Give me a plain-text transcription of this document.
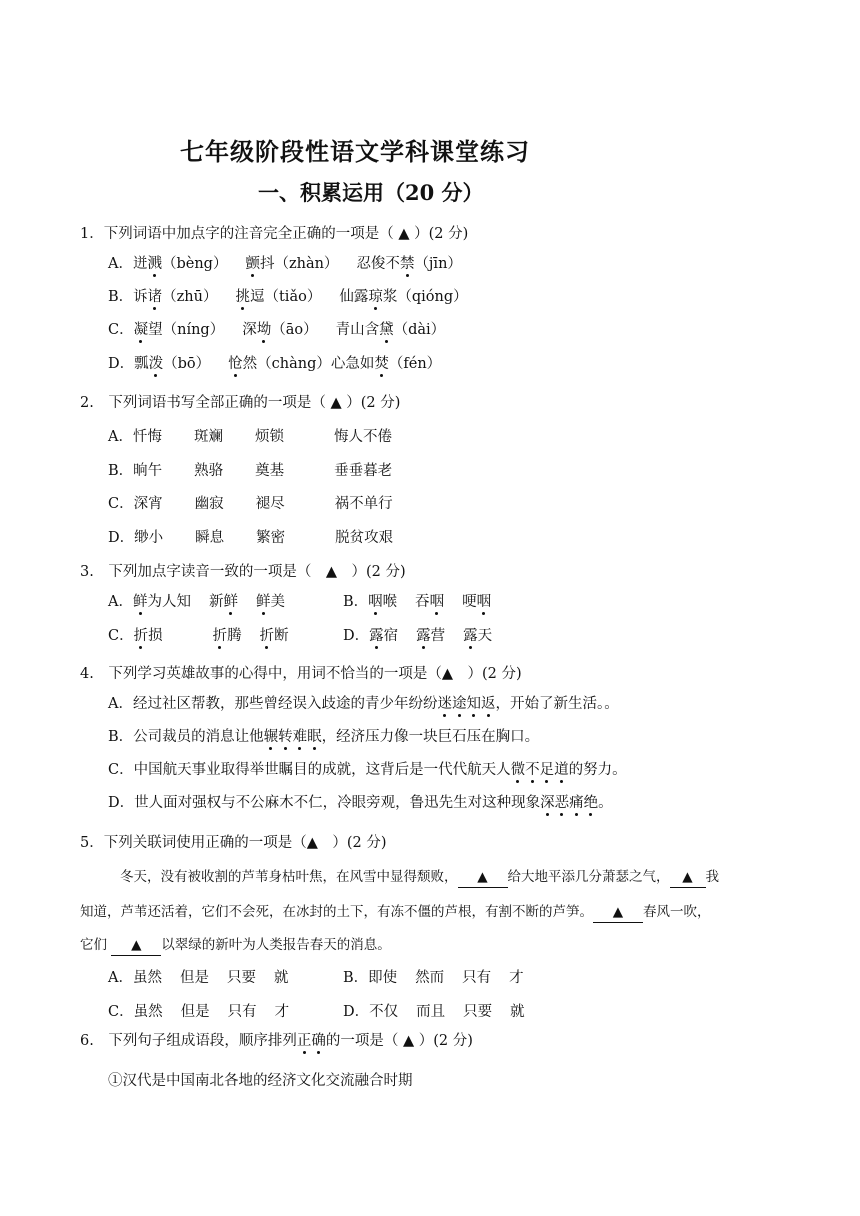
七年级阶段性语文学科课堂练习
一、积累运用（20 分）
1．下列词语中加点字的注音完全正确的一项是（ ▲ ）(2 分)
A．迸溅（bèng） 颤抖（zhàn） 忍俊不禁（jīn）
B．诉诸（zhū） 挑逗（tiǎo） 仙露琼浆（qióng）
C．凝望（níng） 深坳（āo） 青山含黛（dài）
D．瓢泼（bō） 怆然（chàng）心急如焚（fén）
2.　下列词语书写全部正确的一项是（ ▲ ）(2 分)
A．忏悔 斑斓 烦锁	悔人不倦
B．晌午 熟骆 奠基	垂垂暮老
C．深宵 幽寂 褪尽	祸不单行
D．缈小 瞬息 繁密	脱贫攻艰
3.　下列加点字读音一致的一项是（　▲　）(2 分)
A．鲜为人知 新鲜 鲜美	B．咽喉 吞咽 哽咽
C．折损	折腾 折断	D．露宿 露营 露天
4.　下列学习英雄故事的心得中，用词不恰当的一项是（▲　）(2 分)
A．经过社区帮教，那些曾经误入歧途的青少年纷纷迷途知返，开始了新生活。。
B．公司裁员的消息让他辗转难眠，经济压力像一块巨石压在胸口。
C．中国航天事业取得举世瞩目的成就，这背后是一代代航天人微不足道的努力。
D．世人面对强权与不公麻木不仁，冷眼旁观，鲁迅先生对这种现象深恶痛绝。
5．下列关联词使用正确的一项是（▲　）(2 分)
冬天，没有被收割的芦苇身枯叶焦，在风雪中显得颓败， ▲ 给大地平添几分萧瑟之气， ▲ 我
知道，芦苇还活着，它们不会死，在冰封的土下，有冻不僵的芦根，有割不断的芦笋。 ▲ 春风一吹，
它们 ▲ 以翠绿的新叶为人类报告春天的消息。
A．虽然 但是 只要 就	B．即使 然而 只有 才
C．虽然 但是 只有 才	D．不仅 而且 只要 就
6.　下列句子组成语段，顺序排列正确的一项是（ ▲ ）(2 分)
①汉代是中国南北各地的经济文化交流融合时期
